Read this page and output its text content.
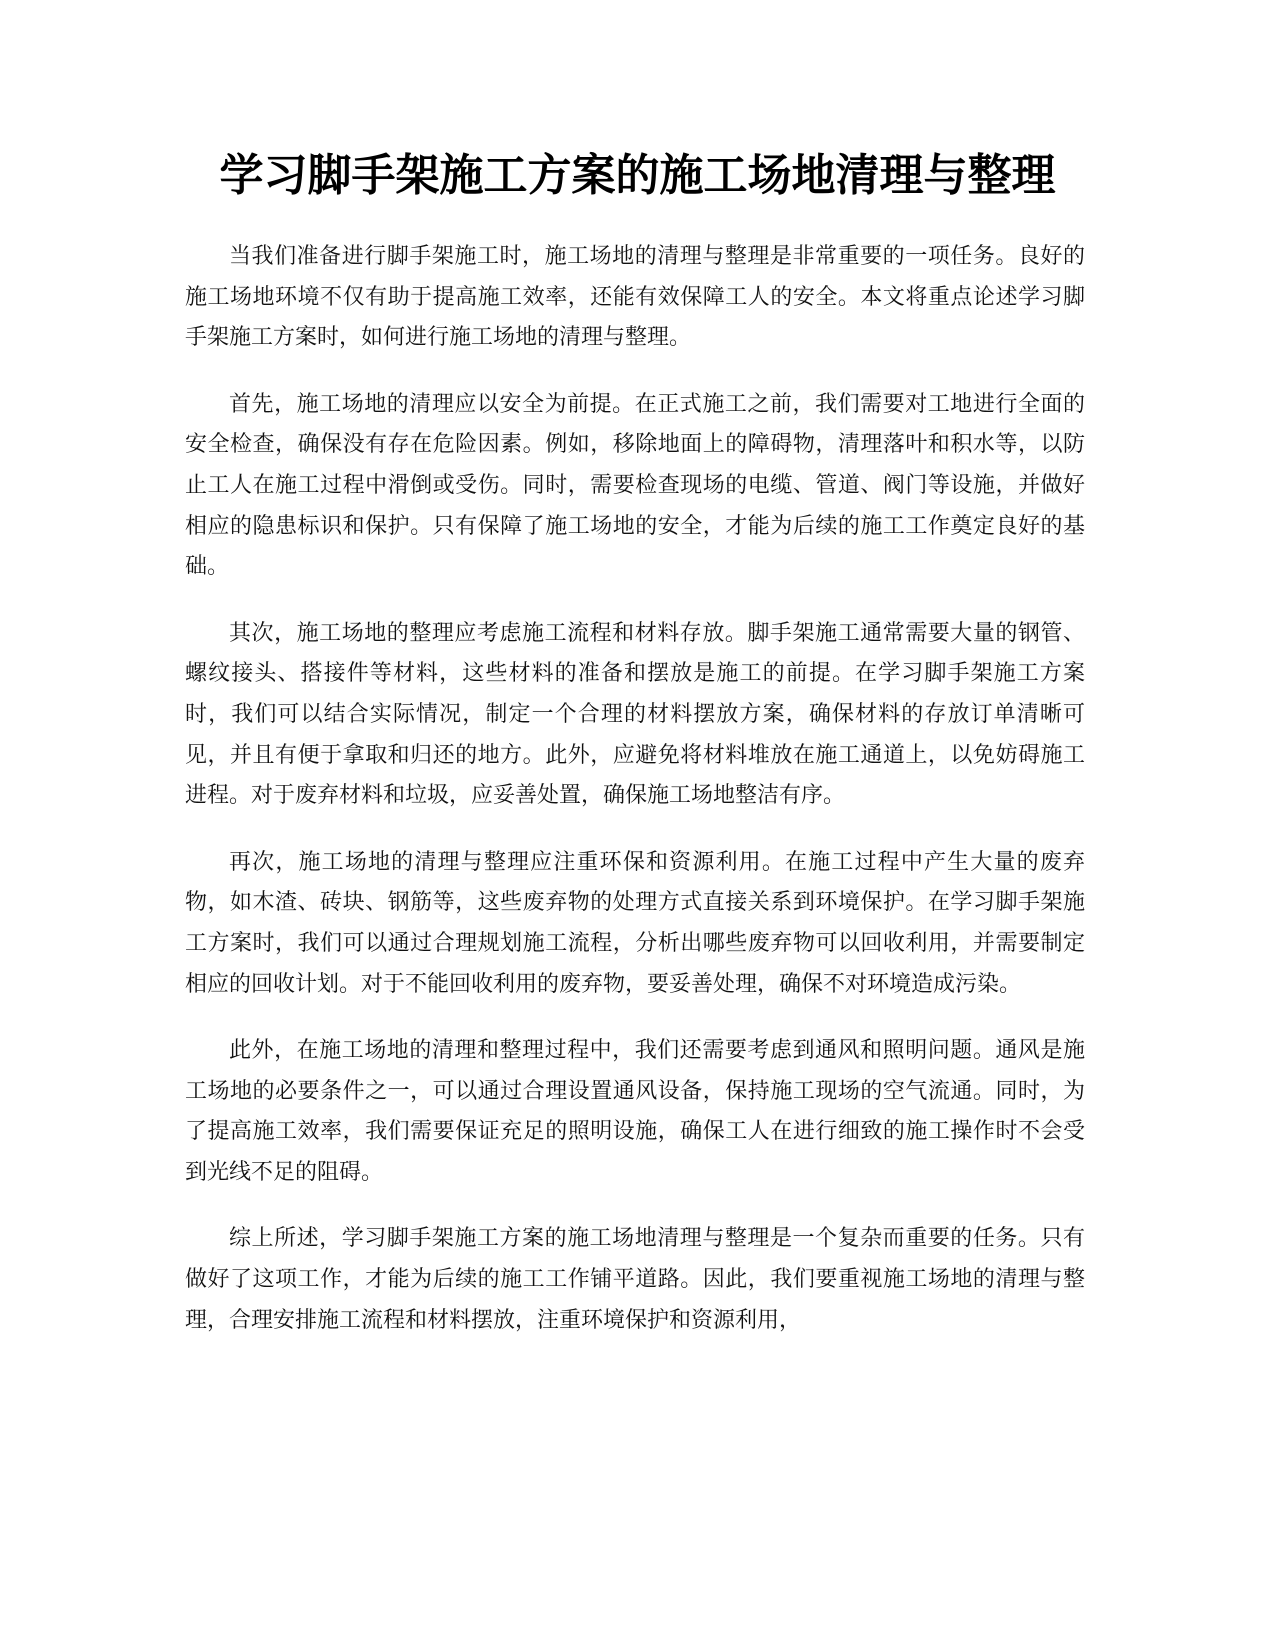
学习脚手架施工方案的施工场地清理与整理

当我们准备进行脚手架施工时，施工场地的清理与整理是非常重要的一项任务。良好的施工场地环境不仅有助于提高施工效率，还能有效保障工人的安全。本文将重点论述学习脚手架施工方案时，如何进行施工场地的清理与整理。

首先，施工场地的清理应以安全为前提。在正式施工之前，我们需要对工地进行全面的安全检查，确保没有存在危险因素。例如，移除地面上的障碍物，清理落叶和积水等，以防止工人在施工过程中滑倒或受伤。同时，需要检查现场的电缆、管道、阀门等设施，并做好相应的隐患标识和保护。只有保障了施工场地的安全，才能为后续的施工工作奠定良好的基础。

其次，施工场地的整理应考虑施工流程和材料存放。脚手架施工通常需要大量的钢管、螺纹接头、搭接件等材料，这些材料的准备和摆放是施工的前提。在学习脚手架施工方案时，我们可以结合实际情况，制定一个合理的材料摆放方案，确保材料的存放订单清晰可见，并且有便于拿取和归还的地方。此外，应避免将材料堆放在施工通道上，以免妨碍施工进程。对于废弃材料和垃圾，应妥善处置，确保施工场地整洁有序。

再次，施工场地的清理与整理应注重环保和资源利用。在施工过程中产生大量的废弃物，如木渣、砖块、钢筋等，这些废弃物的处理方式直接关系到环境保护。在学习脚手架施工方案时，我们可以通过合理规划施工流程，分析出哪些废弃物可以回收利用，并需要制定相应的回收计划。对于不能回收利用的废弃物，要妥善处理，确保不对环境造成污染。

此外，在施工场地的清理和整理过程中，我们还需要考虑到通风和照明问题。通风是施工场地的必要条件之一，可以通过合理设置通风设备，保持施工现场的空气流通。同时，为了提高施工效率，我们需要保证充足的照明设施，确保工人在进行细致的施工操作时不会受到光线不足的阻碍。

综上所述，学习脚手架施工方案的施工场地清理与整理是一个复杂而重要的任务。只有做好了这项工作，才能为后续的施工工作铺平道路。因此，我们要重视施工场地的清理与整理，合理安排施工流程和材料摆放，注重环境保护和资源利用，
